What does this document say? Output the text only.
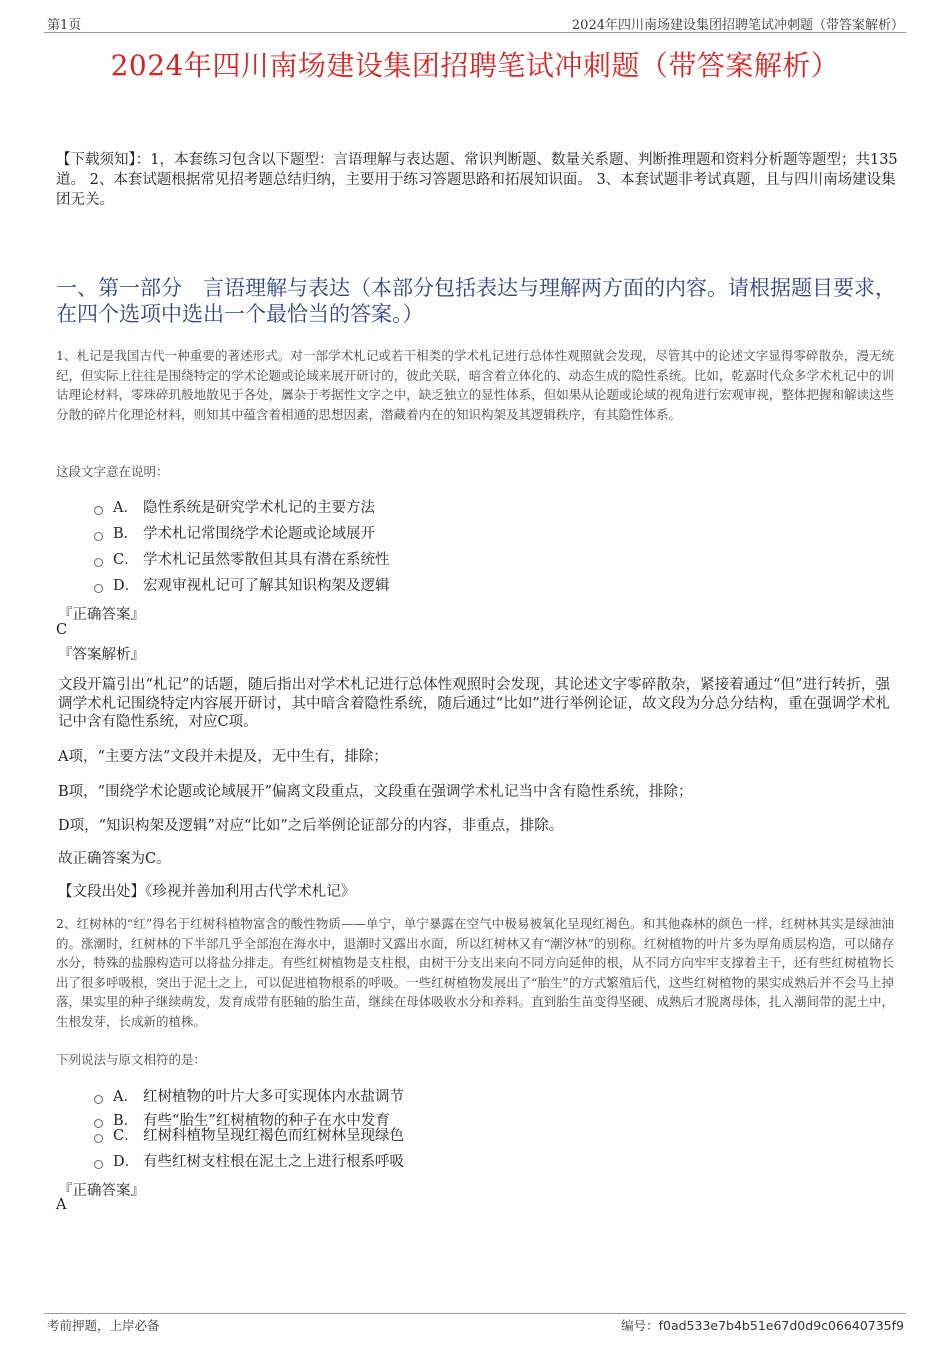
第1页	2024年四川南场建设集团招聘笔试冲刺题（带答案解析）
2024年四川南场建设集团招聘笔试冲刺题（带答案解析）
【下载须知】：1，本套练习包含以下题型：言语理解与表达题、常识判断题、数量关系题、判断推理题和资料分析题等题型；共135道。 2、本套试题根据常见招考题总结归纳，主要用于练习答题思路和拓展知识面。 3、本套试题非考试真题，且与四川南场建设集团无关。
一、第一部分　言语理解与表达（本部分包括表达与理解两方面的内容。请根据题目要求，在四个选项中选出一个最恰当的答案。）
1、札记是我国古代一种重要的著述形式。对一部学术札记或若干相类的学术札记进行总体性观照就会发现，尽管其中的论述文字显得零碎散杂，漫无统纪，但实际上往往是围绕特定的学术论题或论域来展开研讨的，彼此关联，暗含着立体化的、动态生成的隐性系统。比如，乾嘉时代众多学术札记中的训诂理论材料，零珠碎玑般地散见于各处，羼杂于考据性文字之中，缺乏独立的显性体系，但如果从论题或论域的视角进行宏观审视，整体把握和解读这些分散的碎片化理论材料，则知其中蕴含着相通的思想因素，潜藏着内在的知识构架及其逻辑秩序，有其隐性体系。
这段文字意在说明：
A． 隐性系统是研究学术札记的主要方法
B． 学术札记常围绕学术论题或论域展开
C． 学术札记虽然零散但其具有潜在系统性
D． 宏观审视札记可了解其知识构架及逻辑
『正确答案』
C
『答案解析』
文段开篇引出“札记”的话题，随后指出对学术札记进行总体性观照时会发现，其论述文字零碎散杂，紧接着通过“但”进行转折，强调学术札记围绕特定内容展开研讨，其中暗含着隐性系统，随后通过“比如”进行举例论证，故文段为分总分结构，重在强调学术札记中含有隐性系统，对应C项。
A项，“主要方法”文段并未提及，无中生有，排除；
B项，“围绕学术论题或论域展开”偏离文段重点，文段重在强调学术札记当中含有隐性系统，排除；
D项，“知识构架及逻辑”对应“比如”之后举例论证部分的内容，非重点，排除。
故正确答案为C。
【文段出处】《珍视并善加利用古代学术札记》
2、红树林的“红”得名于红树科植物富含的酸性物质——单宁，单宁暴露在空气中极易被氧化呈现红褐色。和其他森林的颜色一样，红树林其实是绿油油的。涨潮时，红树林的下半部几乎全部泡在海水中，退潮时又露出水面，所以红树林又有“潮汐林”的别称。红树植物的叶片多为厚角质层构造，可以储存水分，特殊的盐腺构造可以将盐分排走。有些红树植物是支柱根，由树干分支出来向不同方向延伸的根，从不同方向牢牢支撑着主干，还有些红树植物长出了很多呼吸根，突出于泥土之上，可以促进植物根系的呼吸。一些红树植物发展出了“胎生”的方式繁殖后代，这些红树植物的果实成熟后并不会马上掉落，果实里的种子继续萌发，发育成带有胚轴的胎生苗，继续在母体吸收水分和养料。直到胎生苗变得坚硬、成熟后才脱离母体，扎入潮间带的泥土中，生根发芽，长成新的植株。
下列说法与原文相符的是：
A． 红树植物的叶片大多可实现体内水盐调节
B． 有些“胎生”红树植物的种子在水中发育
C． 红树科植物呈现红褐色而红树林呈现绿色
D． 有些红树支柱根在泥土之上进行根系呼吸
『正确答案』
A
考前押题，上岸必备	编号：f0ad533e7b4b51e67d0d9c06640735f9
